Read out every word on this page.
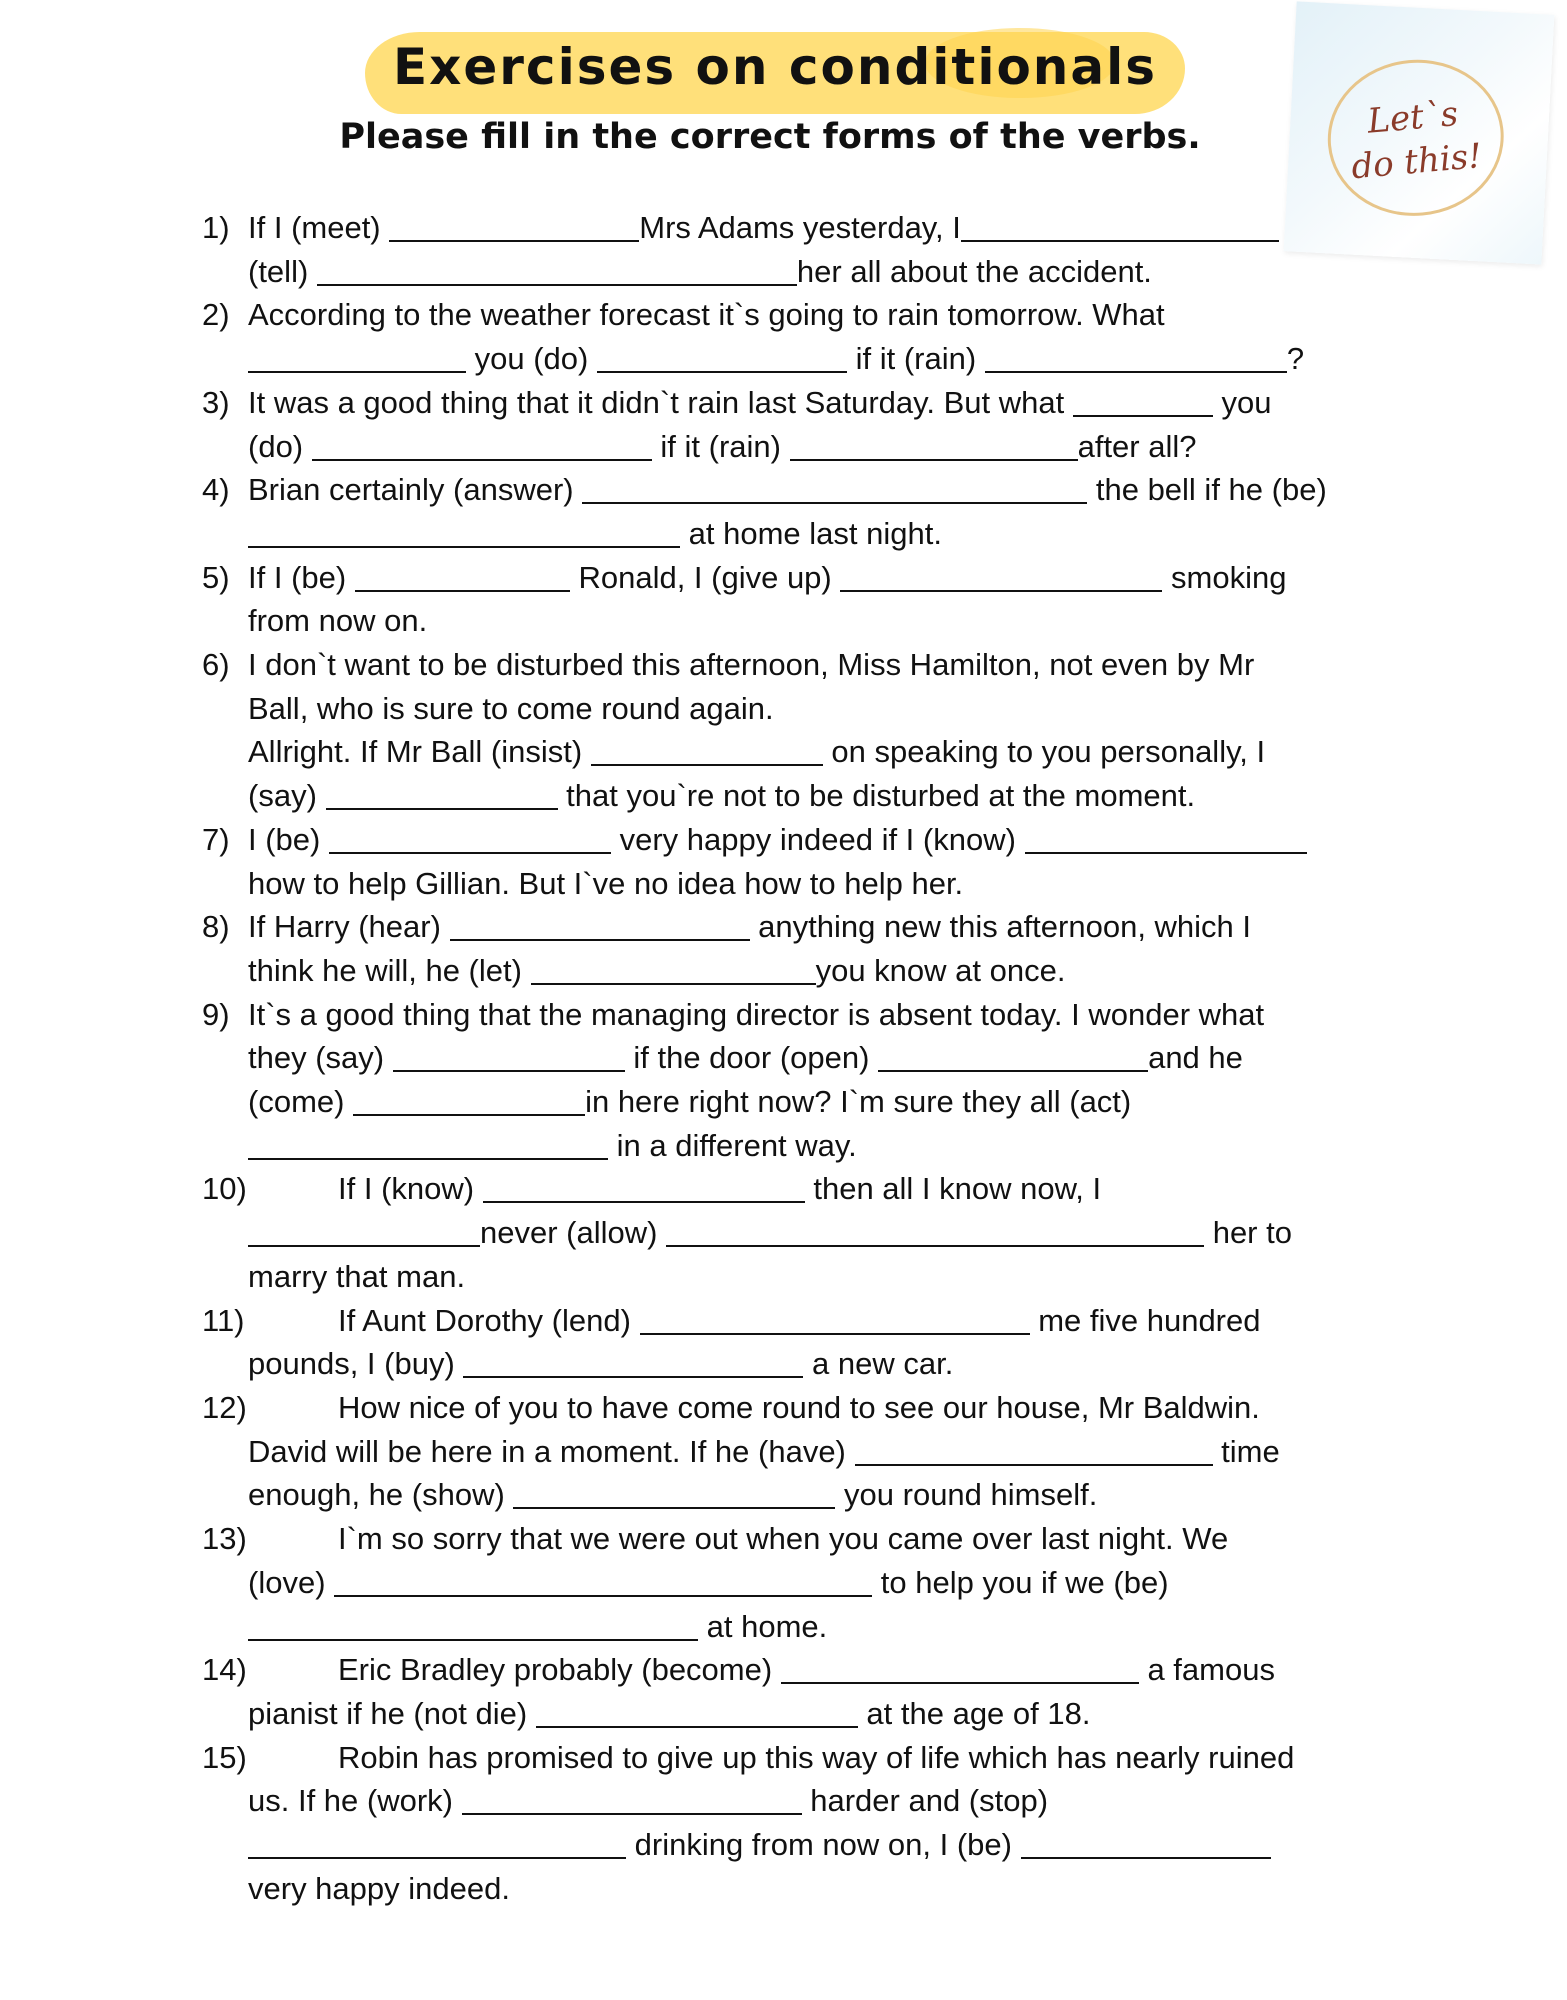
Exercises on conditionals
Please fill in the correct forms of the verbs.	Let`s
do this!
1) If I (meet)	Mrs Adams yesterday, I
(tell)	her all about the accident.
2) According to the weather forecast it`s going to rain tomorrow. What
you (do)	if it (rain)	?
3) It was a good thing that it didn`t rain last Saturday. But what	you
(do)	if it (rain)	after all?
4) Brian certainly (answer)	the bell if he (be)
at home last night.
5) If I (be)	Ronald, I (give up)	smoking
from now on.
6) I don`t want to be disturbed this afternoon, Miss Hamilton, not even by Mr
Ball, who is sure to come round again.
Allright. If Mr Ball (insist)	on speaking to you personally, I
(say)	that you`re not to be disturbed at the moment.
7) I (be)	very happy indeed if I (know)
how to help Gillian. But I`ve no idea how to help her.
8) If Harry (hear)	anything new this afternoon, which I
think he will, he (let)	you know at once.
9) It`s a good thing that the managing director is absent today. I wonder what
they (say)	if the door (open)	and he
(come)	in here right now? I`m sure they all (act)
in a different way.
10)	If I (know)	then all I know now, I
never (allow)	her to
marry that man.
11)	If Aunt Dorothy (lend)	me five hundred
pounds, I (buy)	a new car.
12)	How nice of you to have come round to see our house, Mr Baldwin.
David will be here in a moment. If he (have)	time
enough, he (show)	you round himself.
13)	I`m so sorry that we were out when you came over last night. We
(love)	to help you if we (be)
at home.
14)	Eric Bradley probably (become)	a famous
pianist if he (not die)	at the age of 18.
15)	Robin has promised to give up this way of life which has nearly ruined
us. If he (work)	harder and (stop)
drinking from now on, I (be)
very happy indeed.
